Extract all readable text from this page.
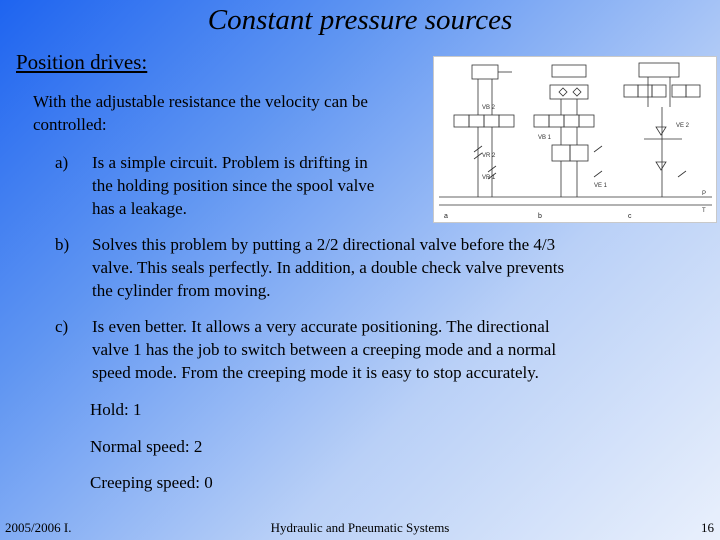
Constant pressure sources
Position drives:
With the adjustable resistance the velocity can be controlled:
a) Is a simple circuit. Problem is drifting in
the holding position since the spool valve
has a leakage.
b) Solves this problem by putting a 2/2 directional valve before the 4/3
valve. This seals perfectly. In addition, a double check valve prevents
the cylinder from moving.
c) Is even better. It allows a very accurate positioning. The directional
valve 1 has the job to switch between a creeping mode and a normal
speed mode. From the creeping mode it is easy to stop accurately.
Hold: 1
Normal speed: 2
Creeping speed: 0
VB 2
VR 2
VR 1
VB 1
VE 2
VE 1
P
T
a	b	c
2005/2006 I.	Hydraulic and Pneumatic Systems	16
